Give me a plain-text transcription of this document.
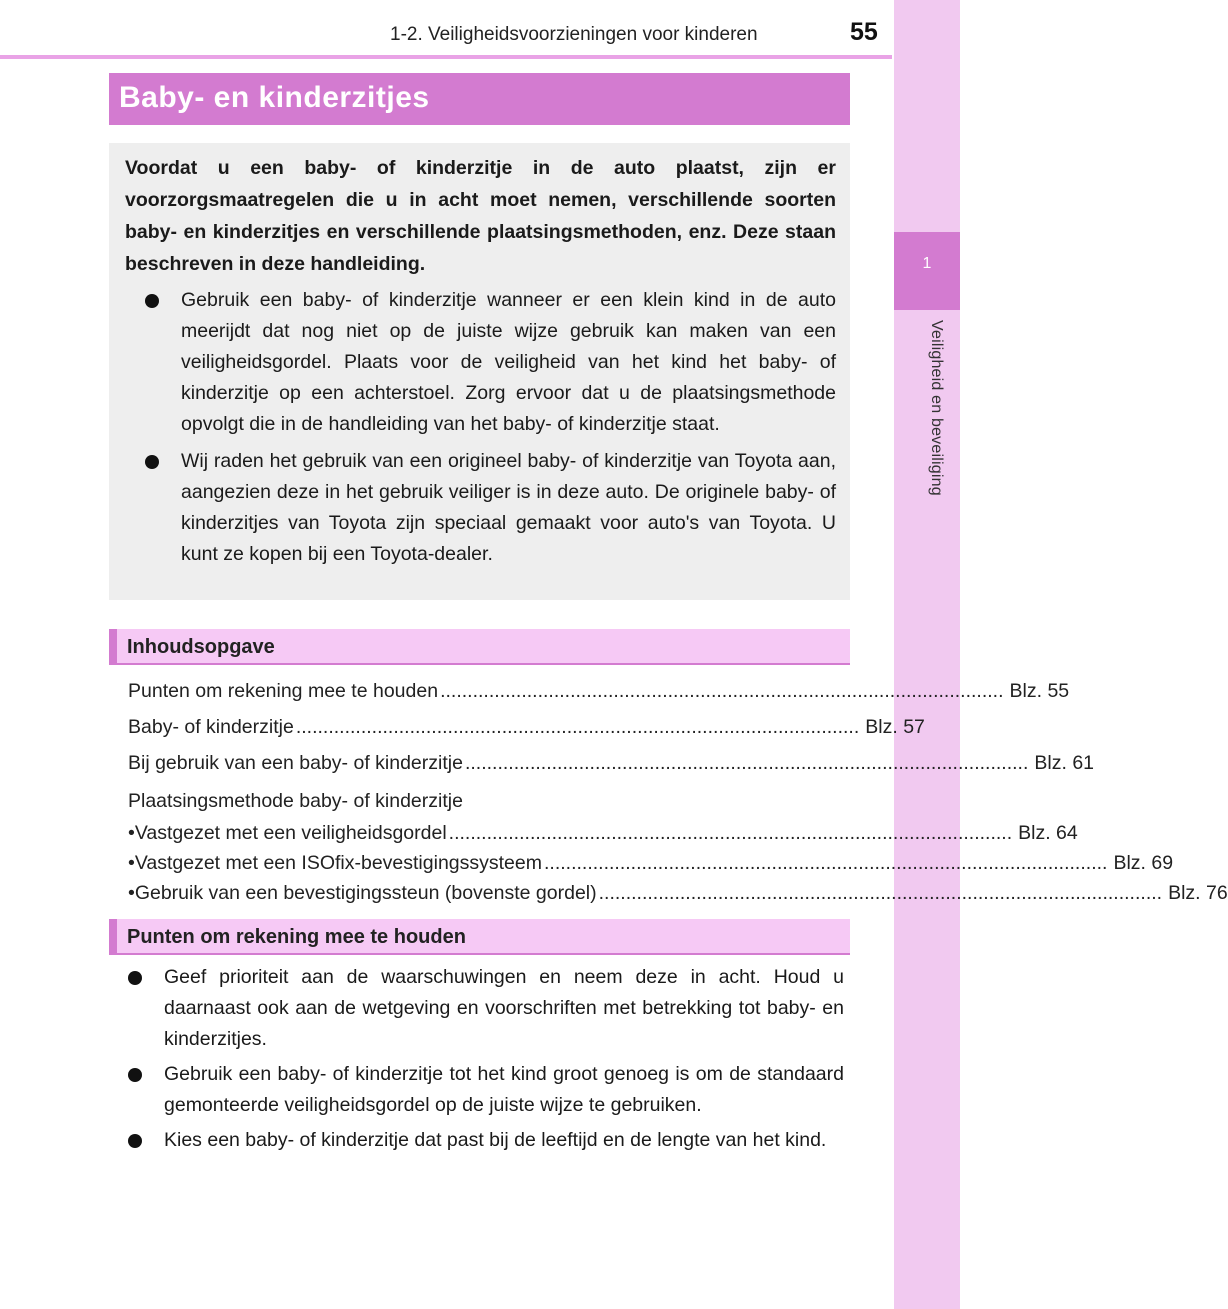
1-2. Veiligheidsvoorzieningen voor kinderen	55
1
Veiligheid en beveiliging
Baby- en kinderzitjes

Voordat u een baby- of kinderzitje in de auto plaatst, zijn er voorzorgsmaatregelen die u in acht moet nemen, verschillende soorten baby- en kinderzitjes en verschillende plaatsingsmethoden, enz. Deze staan beschreven in deze handleiding.

Gebruik een baby- of kinderzitje wanneer er een klein kind in de auto meerijdt dat nog niet op de juiste wijze gebruik kan maken van een veiligheidsgordel. Plaats voor de veiligheid van het kind het baby- of kinderzitje op een achterstoel. Zorg ervoor dat u de plaatsingsmethode opvolgt die in de handleiding van het baby- of kinderzitje staat.
Wij raden het gebruik van een origineel baby- of kinderzitje van Toyota aan, aangezien deze in het gebruik veiliger is in deze auto. De originele baby- of kinderzitjes van Toyota zijn speciaal gemaakt voor auto's van Toyota. U kunt ze kopen bij een Toyota-dealer.
Inhoudsopgave
Punten om rekening mee te houden ........................................................................................................ Blz. 55
Baby- of kinderzitje ........................................................................................................ Blz. 57
Bij gebruik van een baby- of kinderzitje ........................................................................................................ Blz. 61
Plaatsingsmethode baby- of kinderzitje
• Vastgezet met een veiligheidsgordel ........................................................................................................ Blz. 64
• Vastgezet met een ISOfix-bevestigingssysteem ........................................................................................................ Blz. 69
• Gebruik van een bevestigingssteun (bovenste gordel) ........................................................................................................ Blz. 76
Punten om rekening mee te houden
Geef prioriteit aan de waarschuwingen en neem deze in acht. Houd u daarnaast ook aan de wetgeving en voorschriften met betrekking tot baby- en kinderzitjes.
Gebruik een baby- of kinderzitje tot het kind groot genoeg is om de standaard gemonteerde veiligheidsgordel op de juiste wijze te gebruiken.
Kies een baby- of kinderzitje dat past bij de leeftijd en de lengte van het kind.
